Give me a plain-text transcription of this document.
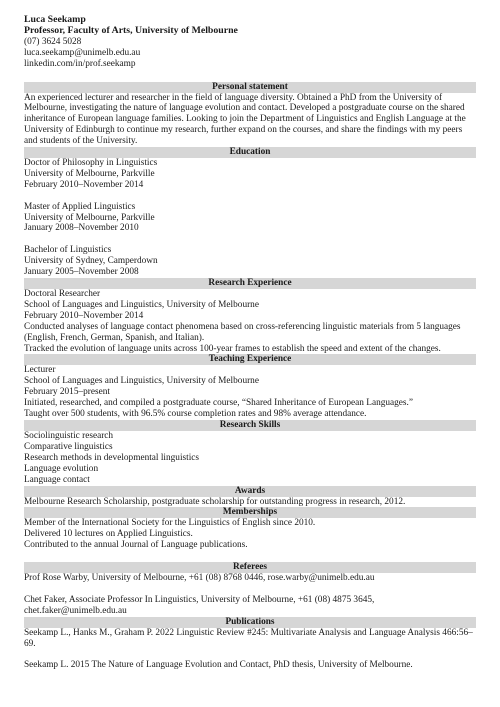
Luca Seekamp
Professor, Faculty of Arts, University of Melbourne
(07) 3624 5028
luca.seekamp@unimelb.edu.au
linkedin.com/in/prof.seekamp
Personal statement
An experienced lecturer and researcher in the field of language diversity. Obtained a PhD from the University of Melbourne, investigating the nature of language evolution and contact. Developed a postgraduate course on the shared inheritance of European language families. Looking to join the Department of Linguistics and English Language at the University of Edinburgh to continue my research, further expand on the courses, and share the findings with my peers and students of the University.
Education
Doctor of Philosophy in Linguistics
University of Melbourne, Parkville
February 2010–November 2014
Master of Applied Linguistics
University of Melbourne, Parkville
January 2008–November 2010
Bachelor of Linguistics
University of Sydney, Camperdown
January 2005–November 2008
Research Experience
Doctoral Researcher
School of Languages and Linguistics, University of Melbourne
February 2010–November 2014
Conducted analyses of language contact phenomena based on cross-referencing linguistic materials from 5 languages (English, French, German, Spanish, and Italian).
Tracked the evolution of language units across 100-year frames to establish the speed and extent of the changes.
Teaching Experience
Lecturer
School of Languages and Linguistics, University of Melbourne
February 2015–present
Initiated, researched, and compiled a postgraduate course, “Shared Inheritance of European Languages.”
Taught over 500 students, with 96.5% course completion rates and 98% average attendance.
Research Skills
Sociolinguistic research
Comparative linguistics
Research methods in developmental linguistics
Language evolution
Language contact
Awards
Melbourne Research Scholarship, postgraduate scholarship for outstanding progress in research, 2012.
Memberships
Member of the International Society for the Linguistics of English since 2010.
Delivered 10 lectures on Applied Linguistics.
Contributed to the annual Journal of Language publications.
Referees
Prof Rose Warby, University of Melbourne, +61 (08) 8768 0446, rose.warby@unimelb.edu.au
Chet Faker, Associate Professor In Linguistics, University of Melbourne, +61 (08) 4875 3645, chet.faker@unimelb.edu.au
Publications
Seekamp L., Hanks M., Graham P. 2022 Linguistic Review #245: Multivariate Analysis and Language Analysis 466:56–69.
Seekamp L. 2015 The Nature of Language Evolution and Contact, PhD thesis, University of Melbourne.
